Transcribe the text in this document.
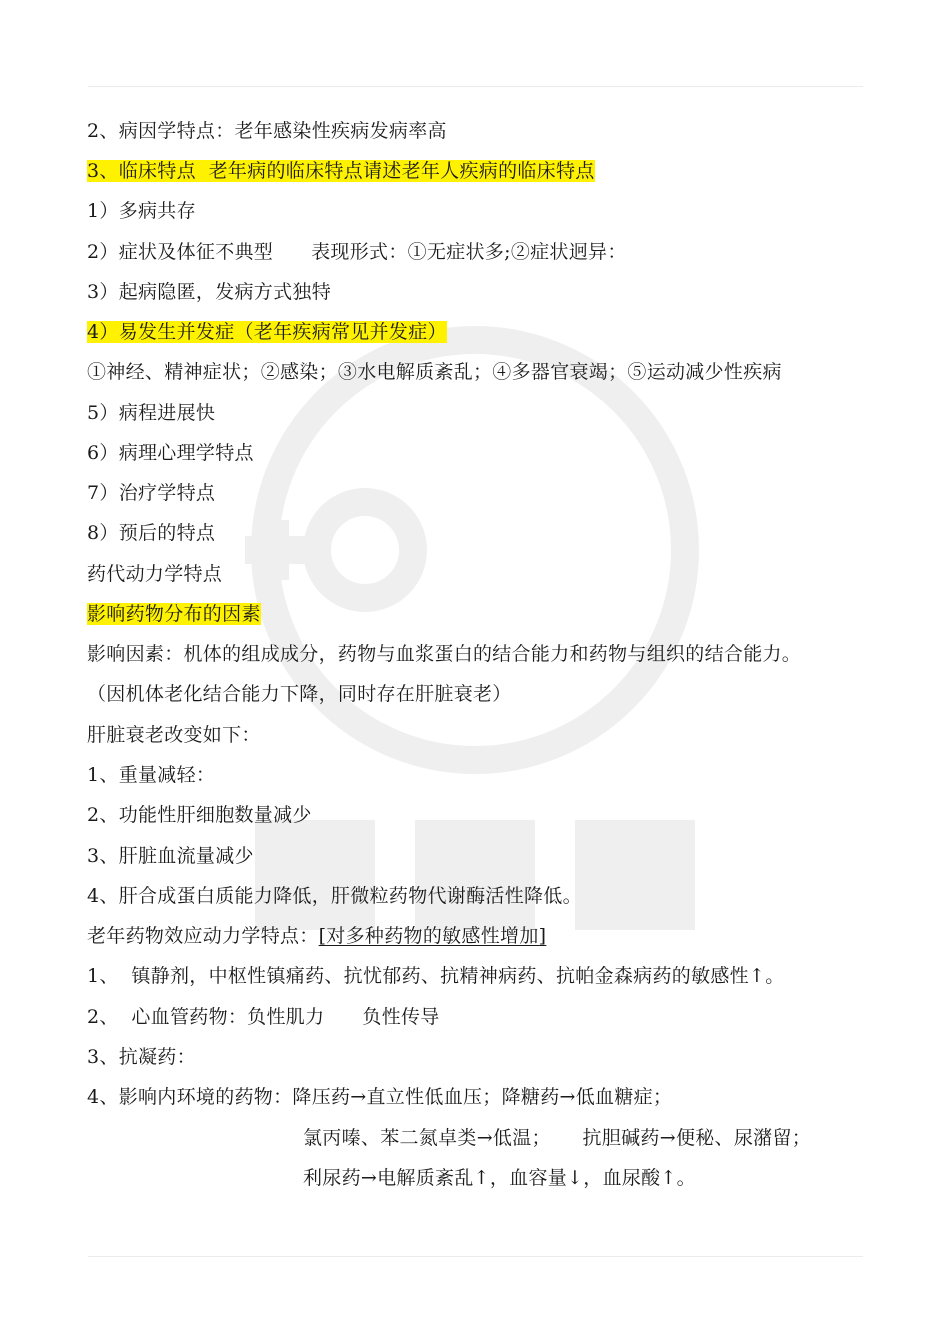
2、病因学特点：老年感染性疾病发病率高
3、临床特点  老年病的临床特点请述老年人疾病的临床特点
1）多病共存
2）症状及体征不典型      表现形式：①无症状多;②症状迥异：
3）起病隐匿，发病方式独特
4）易发生并发症（老年疾病常见并发症）
①神经、精神症状；②感染；③水电解质紊乱；④多器官衰竭；⑤运动减少性疾病
5）病程进展快
6）病理心理学特点
7）治疗学特点
8）预后的特点
药代动力学特点
影响药物分布的因素
影响因素：机体的组成成分，药物与血浆蛋白的结合能力和药物与组织的结合能力。
（因机体老化结合能力下降，同时存在肝脏衰老）
肝脏衰老改变如下：
1、重量减轻：
2、功能性肝细胞数量减少
3、肝脏血流量减少
4、肝合成蛋白质能力降低，肝微粒药物代谢酶活性降低。
老年药物效应动力学特点：[对多种药物的敏感性增加]
1、  镇静剂，中枢性镇痛药、抗忧郁药、抗精神病药、抗帕金森病药的敏感性↑。
2、  心血管药物：负性肌力      负性传导
3、抗凝药：
4、影响内环境的药物：降压药→直立性低血压；降糖药→低血糖症；
氯丙嗪、苯二氮卓类→低温；     抗胆碱药→便秘、尿潴留；
利尿药→电解质紊乱↑，血容量↓，血尿酸↑。
